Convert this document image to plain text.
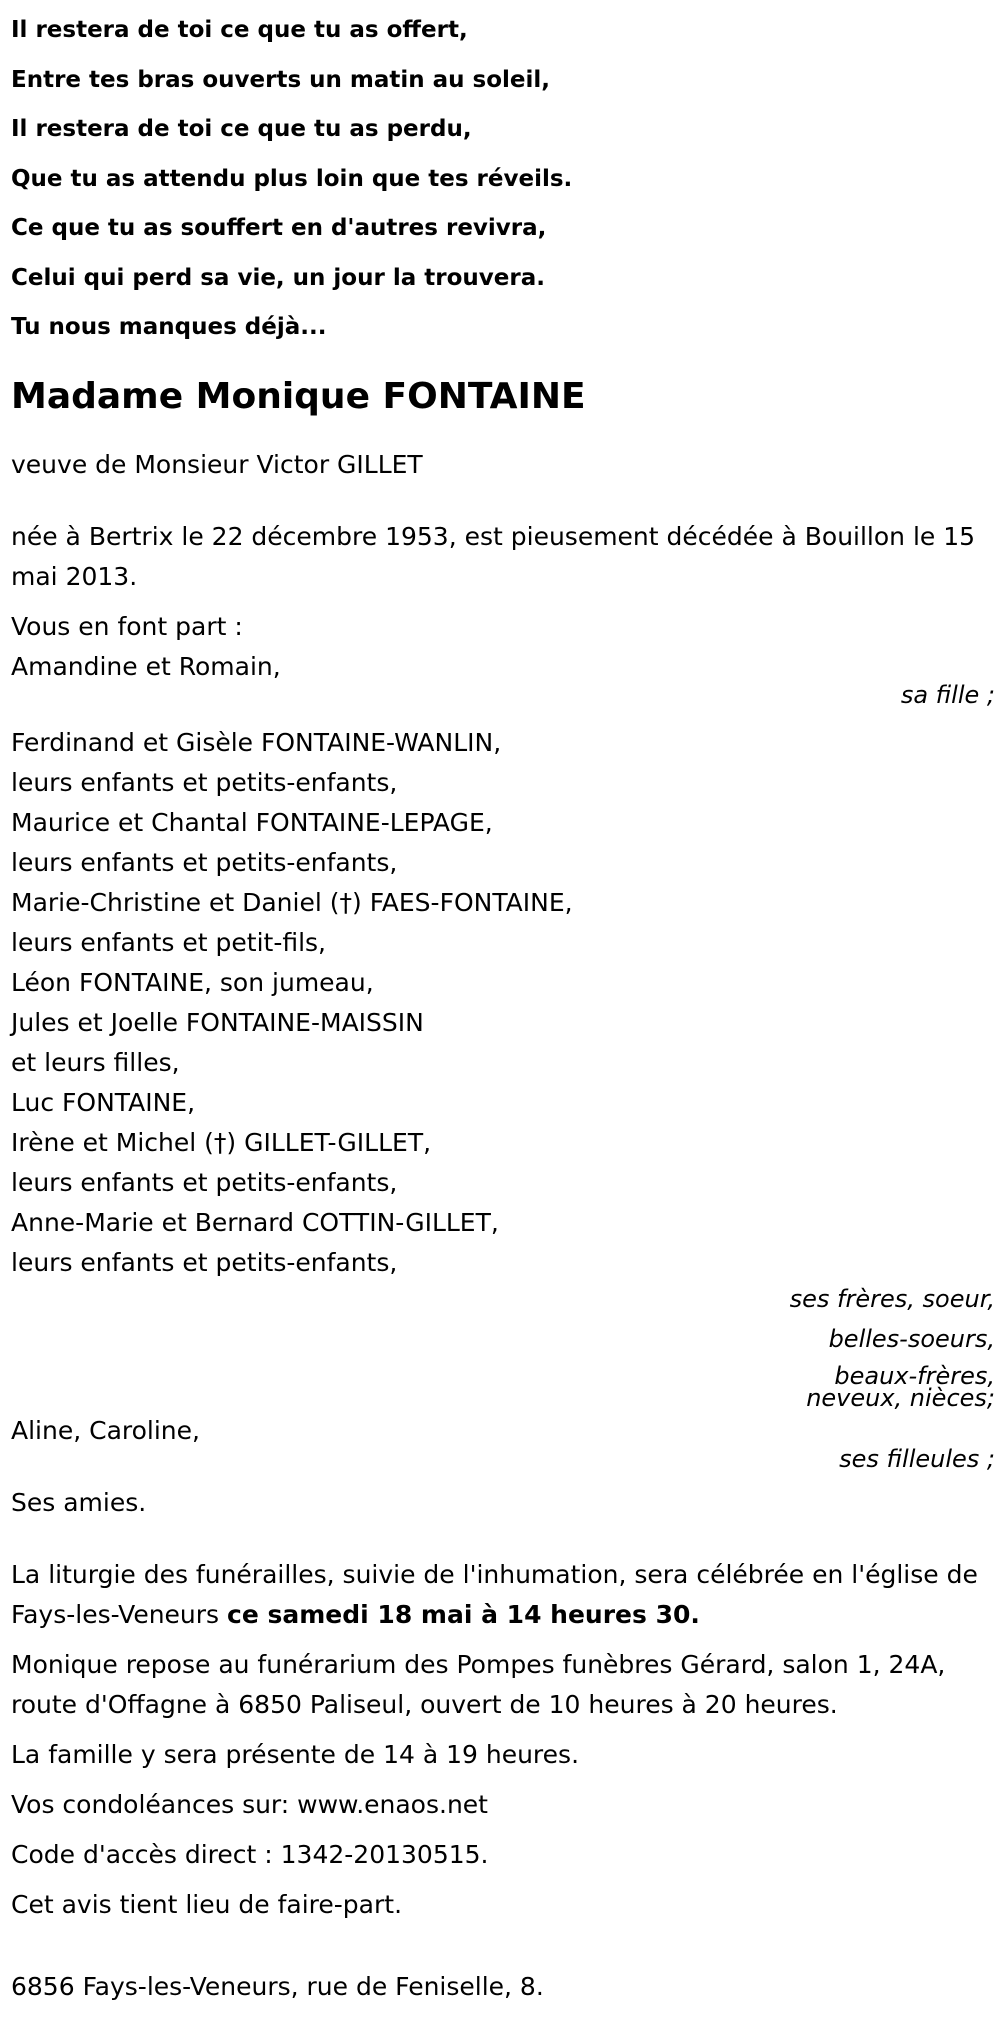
Il restera de toi ce que tu as offert,
Entre tes bras ouverts un matin au soleil,
Il restera de toi ce que tu as perdu,
Que tu as attendu plus loin que tes réveils.
Ce que tu as souffert en d'autres revivra,
Celui qui perd sa vie, un jour la trouvera.
Tu nous manques déjà...
Madame Monique FONTAINE
veuve de Monsieur Victor GILLET
née à Bertrix le 22 décembre 1953, est pieusement décédée à Bouillon le 15 mai 2013.
Vous en font part :
Amandine et Romain,
sa fille ;
Ferdinand et Gisèle FONTAINE-WANLIN,
leurs enfants et petits-enfants,
Maurice et Chantal FONTAINE-LEPAGE,
leurs enfants et petits-enfants,
Marie-Christine et Daniel (†) FAES-FONTAINE,
leurs enfants et petit-fils,
Léon FONTAINE, son jumeau,
Jules et Joelle FONTAINE-MAISSIN
et leurs filles,
Luc FONTAINE,
Irène et Michel (†) GILLET-GILLET,
leurs enfants et petits-enfants,
Anne-Marie et Bernard COTTIN-GILLET,
leurs enfants et petits-enfants,
ses frères, soeur,
belles-soeurs,
beaux-frères,
neveux, nièces;
Aline, Caroline,
ses filleules ;
Ses amies.
La liturgie des funérailles, suivie de l'inhumation, sera célébrée en l'église de Fays-les-Veneurs ce samedi 18 mai à 14 heures 30.
Monique repose au funérarium des Pompes funèbres Gérard, salon 1, 24A, route d'Offagne à 6850 Paliseul, ouvert de 10 heures à 20 heures.
La famille y sera présente de 14 à 19 heures.
Vos condoléances sur: www.enaos.net
Code d'accès direct : 1342-20130515.
Cet avis tient lieu de faire-part.
6856 Fays-les-Veneurs, rue de Feniselle, 8.
